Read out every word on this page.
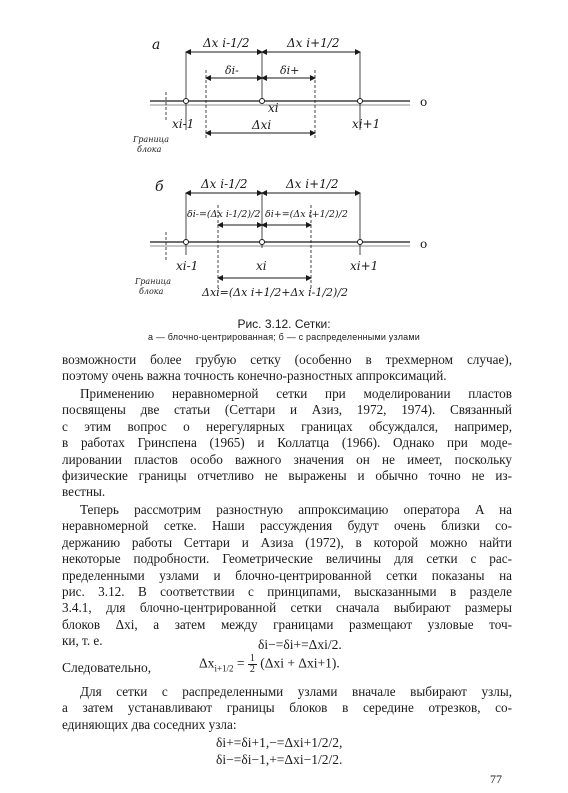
а	Δx i-1/2	Δx i+1/2
δi-	δi+
о
xi
xi-1	xi+1
Δxi
Граница
блока
б	Δx i-1/2	Δx i+1/2
δi-=(Δx i-1/2)/2 δi+=(Δx i+1/2)/2
о
xi-1	xi	xi+1
Δxi=(Δx i+1/2+Δx i-1/2)/2
Граница
блока
Рис. 3.12. Сетки:
а — блочно-центрированная; б — с распределенными узлами
возможности более грубую сетку (особенно в трехмерном случае),
поэтому очень важна точность конечно-разностных аппроксимаций.
Применению неравномерной сетки при моделировании пластов
посвящены две статьи (Сеттари и Азиз, 1972, 1974). Связанный
с этим вопрос о нерегулярных границах обсуждался, например,
в работах Гринспена (1965) и Коллатца (1966). Однако при моде-
лировании пластов особо важного значения он не имеет, поскольку
физические границы отчетливо не выражены и обычно точно не из-
вестны.
Теперь рассмотрим разностную аппроксимацию оператора A на
неравномерной сетке. Наши рассуждения будут очень близки со-
держанию работы Сеттари и Азиза (1972), в которой можно найти
некоторые подробности. Геометрические величины для сетки с рас-
пределенными узлами и блочно-центрированной сетки показаны на
рис. 3.12. В соответствии с принципами, высказанными в разделе
3.4.1, для блочно-центрированной сетки сначала выбирают размеры
блоков Δxi, а затем между границами размещают узловые точ-
ки, т. е.	δi−=δi+=Δxi/2.
Следовательно,	$\Delta x_{i+1/2} = \frac{1}{2} (\Delta xi + \Delta xi+1)$.
Для сетки с распределенными узлами вначале выбирают узлы,
а затем устанавливают границы блоков в середине отрезков, со-
единяющих два соседних узла:
δi+=δi+1,−=Δxi+1/2/2,
δi−=δi−1,+=Δxi−1/2/2.
77
